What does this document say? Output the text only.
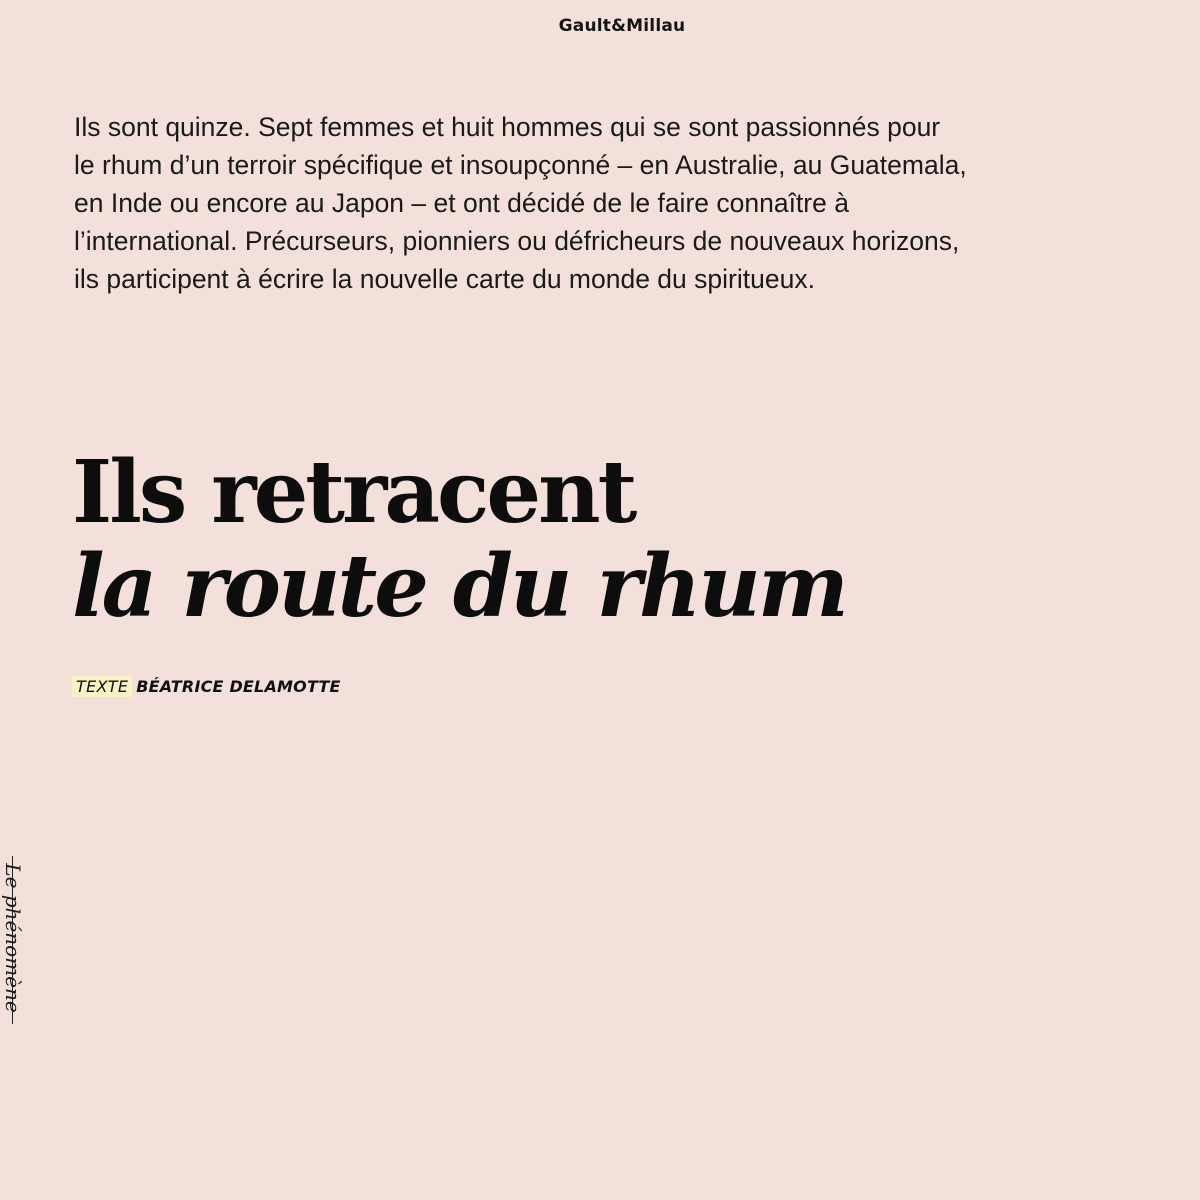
Gault&Millau
Ils sont quinze. Sept femmes et huit hommes qui se sont passionnés pour
le rhum d’un terroir spécifique et insoupçonné – en Australie, au Guatemala,
en Inde ou encore au Japon – et ont décidé de le faire connaître à
l’international. Précurseurs, pionniers ou défricheurs de nouveaux horizons,
ils participent à écrire la nouvelle carte du monde du spiritueux.
Ils retracent
la route du rhum
TEXTE BÉATRICE DELAMOTTE
Le phénomène
